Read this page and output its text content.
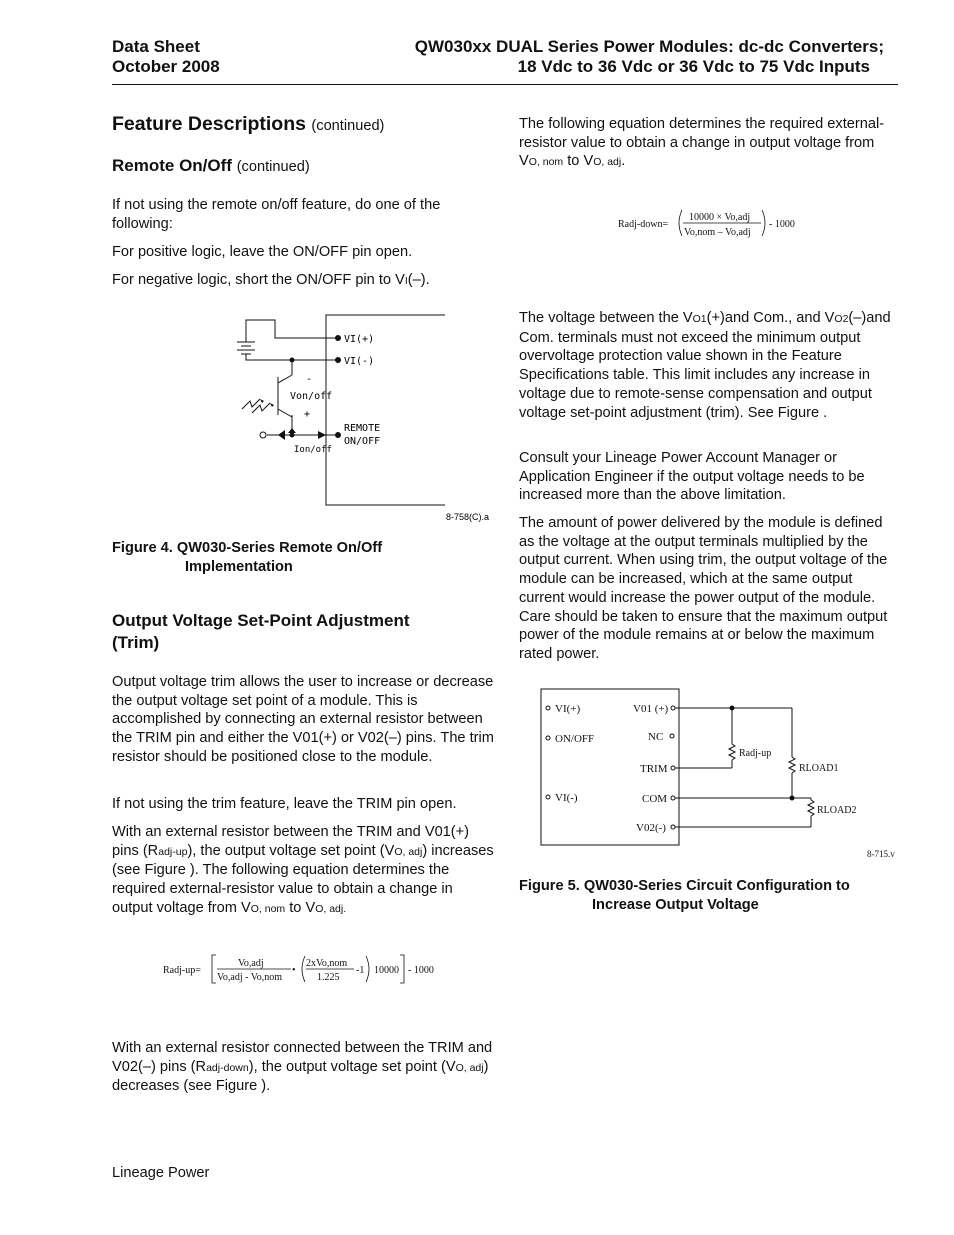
Data Sheet
October 2008
QW030xx DUAL Series Power Modules: dc-dc Converters;
18 Vdc to 36 Vdc or 36 Vdc to 75 Vdc Inputs
Feature Descriptions (continued)
Remote On/Off (continued)
If not using the remote on/off feature, do one of the following:
For positive logic, leave the ON/OFF pin open.
For negative logic, short the ON/OFF pin to VI(–).
VI(+)
VI(-)
-
Von/off
+
REMOTE
ON/OFF
Ion/off
8-758(C).a
Figure 4. QW030-Series Remote On/Off
Implementation
Output Voltage Set-Point Adjustment
(Trim)
Output voltage trim allows the user to increase or decrease the output voltage set point of a module. This is accomplished by connecting an external resistor between the TRIM pin and either the V01(+) or V02(–) pins. The trim resistor should be positioned close to the module.
If not using the trim feature, leave the TRIM pin open.
With an external resistor between the TRIM and V01(+) pins (Radj-up), the output voltage set point (VO, adj) increases (see Figure ). The following equation determines the required external-resistor value to obtain a change in output voltage from VO, nom to VO, adj.
Radj-up=
Vo,adj
Vo,adj - Vo,nom
•
2xVo,nom
1.225
-1 10000 - 1000
With an external resistor connected between the TRIM and V02(–) pins (Radj-down), the output voltage set point (VO, adj) decreases (see Figure ).
The following equation determines the required external-resistor value to obtain a change in output voltage from VO, nom to VO, adj.
Radj-down=
10000 × Vo,adj
Vo,nom – Vo,adj
- 1000
The voltage between the VO1(+)and Com., and VO2(–)and Com. terminals must not exceed the minimum output overvoltage protection value shown in the Feature Specifications table. This limit includes any increase in voltage due to remote-sense compensation and output voltage set-point adjustment (trim). See Figure .
Consult your Lineage Power Account Manager or Application Engineer if the output voltage needs to be increased more than the above limitation.
The amount of power delivered by the module is defined as the voltage at the output terminals multiplied by the output current. When using trim, the output voltage of the module can be increased, which at the same output current would increase the power output of the module. Care should be taken to ensure that the maximum output power of the module remains at or below the maximum rated power.
VI(+)
ON/OFF
VI(-)
V01 (+)
NC
TRIM
COM
V02(-)
Radj-up
RLOAD1
RLOAD2
8-715.v
Figure 5. QW030-Series Circuit Configuration to
Increase Output Voltage
Lineage Power
